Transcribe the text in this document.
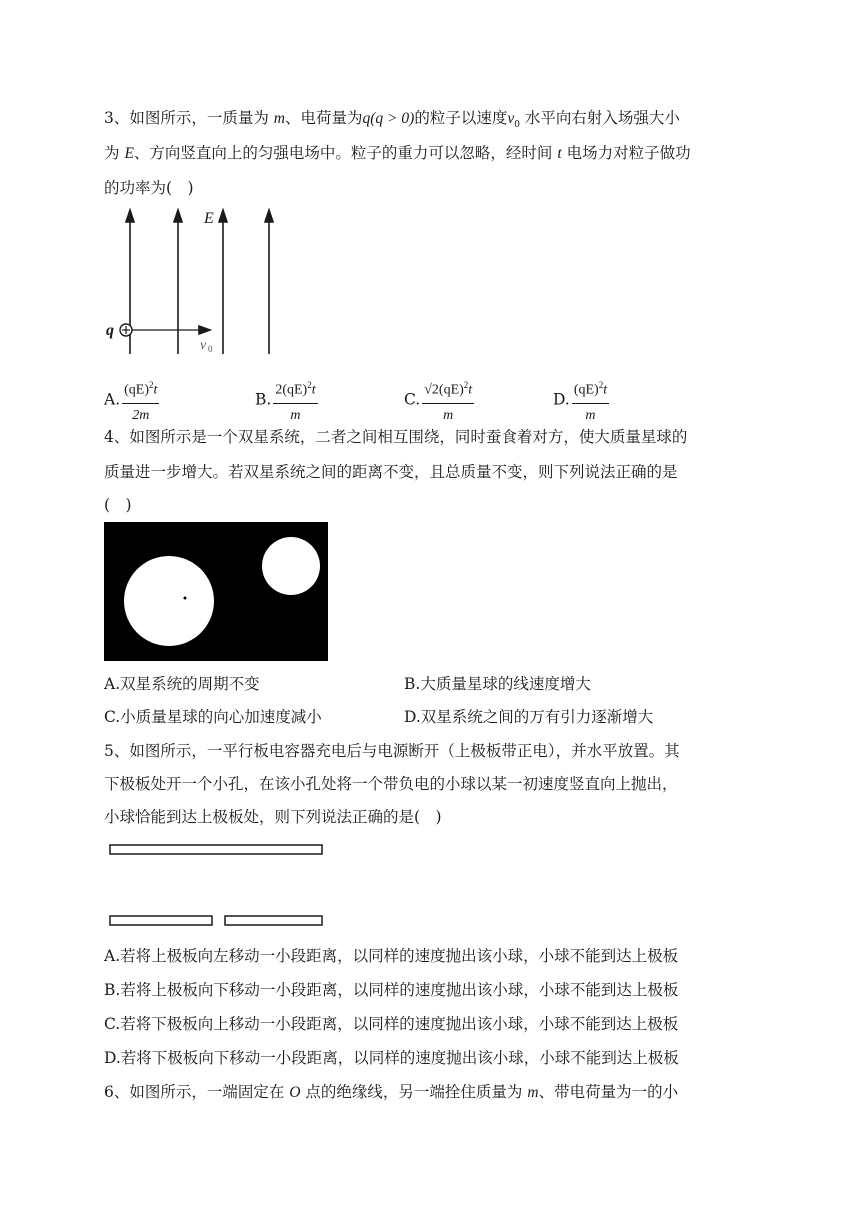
3、如图所示，一质量为 m、电荷量为q(q > 0)的粒子以速度$v_0$ 水平向右射入场强大小
为 E、方向竖直向上的匀强电场中。粒子的重力可以忽略，经时间 t 电场力对粒子做功
的功率为(　)
E
q
v 0
A. $\frac{(qE)^2t}{2m}$	B. $\frac{2(qE)^2t}{m}$	C. $\frac{√2(qE)^2t}{m}$	D. $\frac{(qE)^2t}{m}$
4、如图所示是一个双星系统，二者之间相互围绕，同时蚕食着对方，使大质量星球的
质量进一步增大。若双星系统之间的距离不变，且总质量不变，则下列说法正确的是
(　)
A.双星系统的周期不变	B.大质量星球的线速度增大
C.小质量星球的向心加速度减小	D.双星系统之间的万有引力逐渐增大
5、如图所示，一平行板电容器充电后与电源断开（上极板带正电），并水平放置。其
下极板处开一个小孔，在该小孔处将一个带负电的小球以某一初速度竖直向上抛出，
小球恰能到达上极板处，则下列说法正确的是(　)
A.若将上极板向左移动一小段距离，以同样的速度抛出该小球，小球不能到达上极板
B.若将上极板向下移动一小段距离，以同样的速度抛出该小球，小球不能到达上极板
C.若将下极板向上移动一小段距离，以同样的速度抛出该小球，小球不能到达上极板
D.若将下极板向下移动一小段距离，以同样的速度抛出该小球，小球不能到达上极板
6、如图所示，一端固定在 O 点的绝缘线，另一端拴住质量为 m、带电荷量为一的小
